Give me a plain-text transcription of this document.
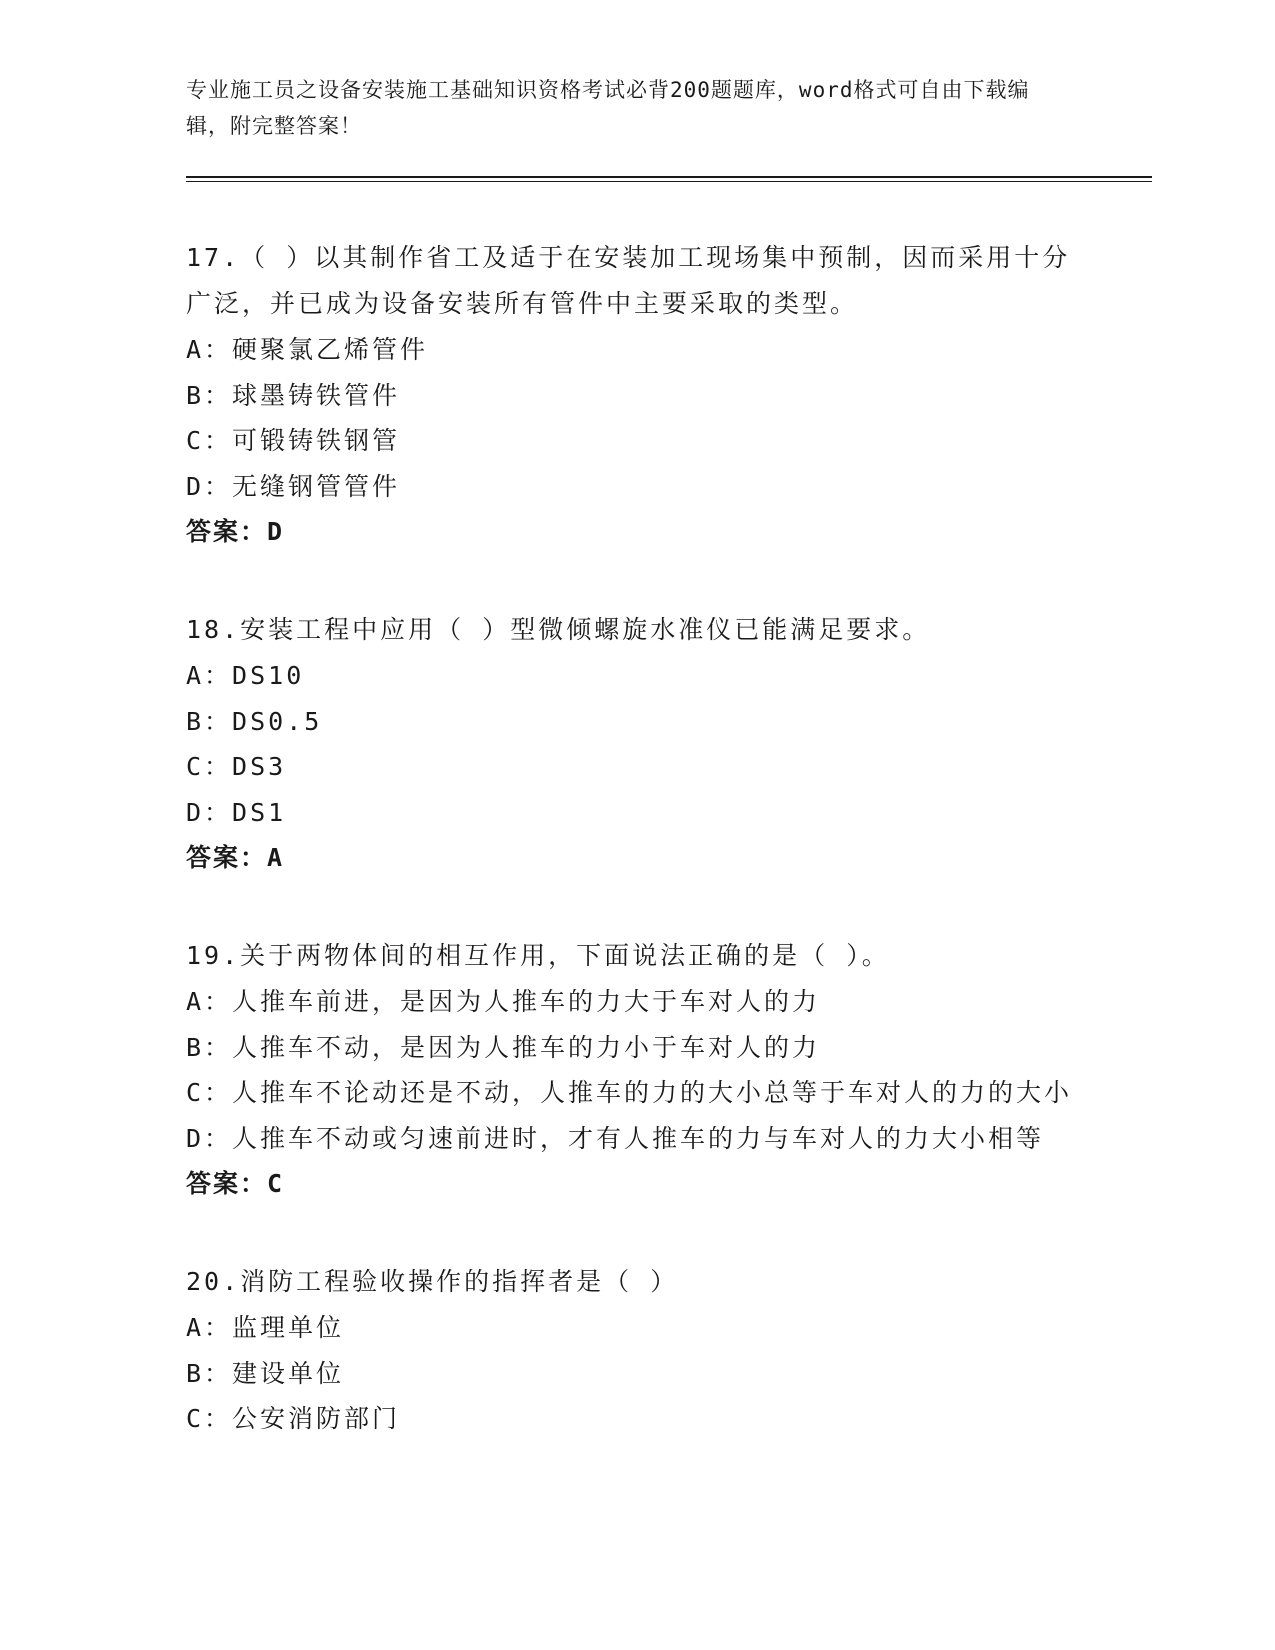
专业施工员之设备安装施工基础知识资格考试必背200题题库，word格式可自由下载编辑，附完整答案！
17.（ ）以其制作省工及适于在安装加工现场集中预制，因而采用十分广泛，并已成为设备安装所有管件中主要采取的类型。
A：硬聚氯乙烯管件
B：球墨铸铁管件
C：可锻铸铁钢管
D：无缝钢管管件
答案：D
18.安装工程中应用（ ）型微倾螺旋水准仪已能满足要求。
A：DS10
B：DS0.5
C：DS3
D：DS1
答案：A
19.关于两物体间的相互作用，下面说法正确的是（ ）。
A：人推车前进，是因为人推车的力大于车对人的力
B：人推车不动，是因为人推车的力小于车对人的力
C：人推车不论动还是不动，人推车的力的大小总等于车对人的力的大小
D：人推车不动或匀速前进时，才有人推车的力与车对人的力大小相等
答案：C
20.消防工程验收操作的指挥者是（ ）
A：监理单位
B：建设单位
C：公安消防部门
